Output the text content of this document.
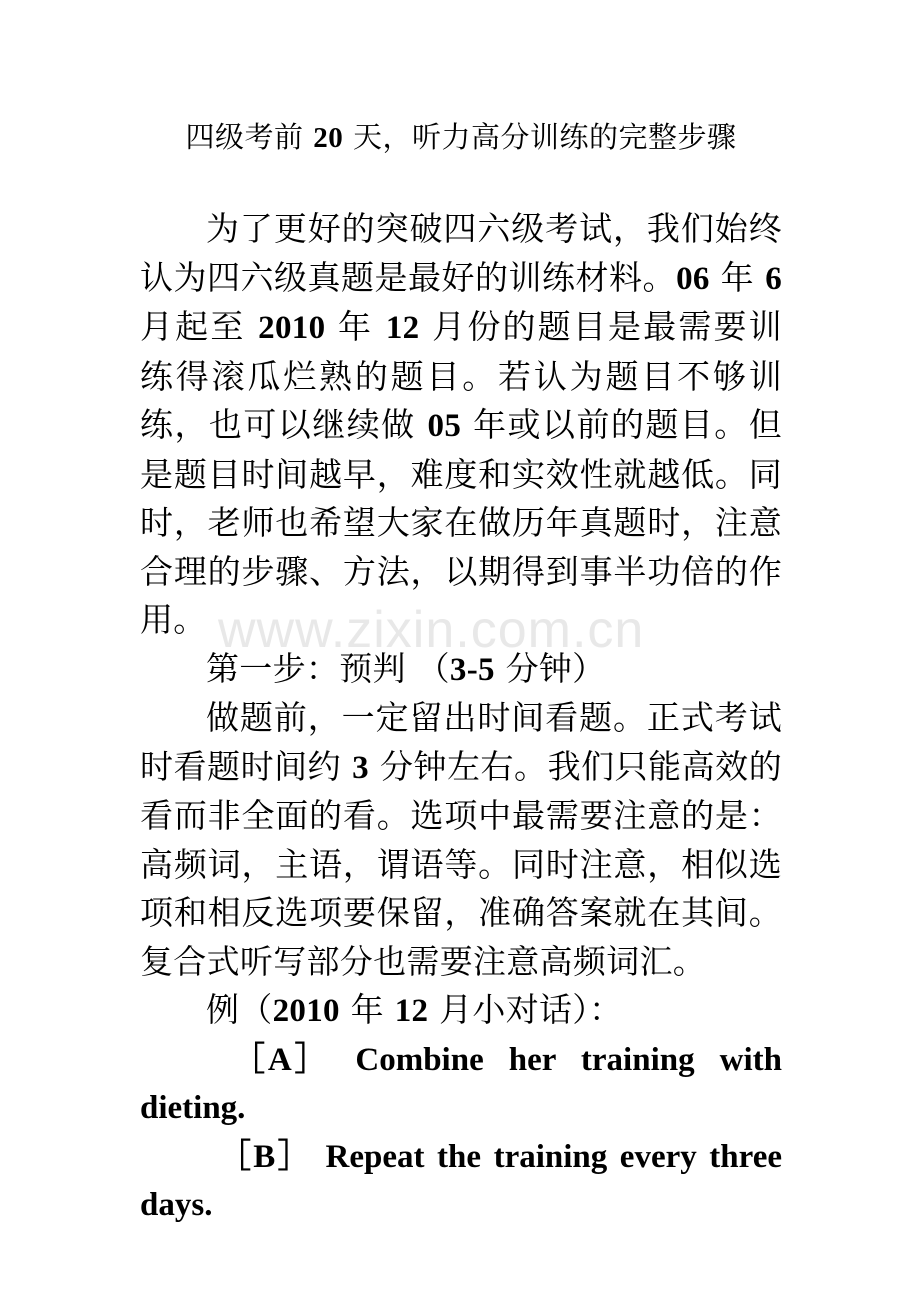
四级考前 20 天，听力高分训练的完整步骤

为了更好的突破四六级考试，我们始终认为四六级真题是最好的训练材料。06 年 6 月起至 2010 年 12 月份的题目是最需要训练得滚瓜烂熟的题目。若认为题目不够训练，也可以继续做 05 年或以前的题目。但是题目时间越早，难度和实效性就越低。同时，老师也希望大家在做历年真题时，注意合理的步骤、方法，以期得到事半功倍的作用。

第一步：预判 （3-5 分钟）

做题前，一定留出时间看题。正式考试时看题时间约 3 分钟左右。我们只能高效的看而非全面的看。选项中最需要注意的是：高频词，主语，谓语等。同时注意，相似选项和相反选项要保留，准确答案就在其间。复合式听写部分也需要注意高频词汇。

例（2010 年 12 月小对话）：

［A］ Combine her training with dieting.

［B］ Repeat the training every three days.

www.zixin.com.cn
